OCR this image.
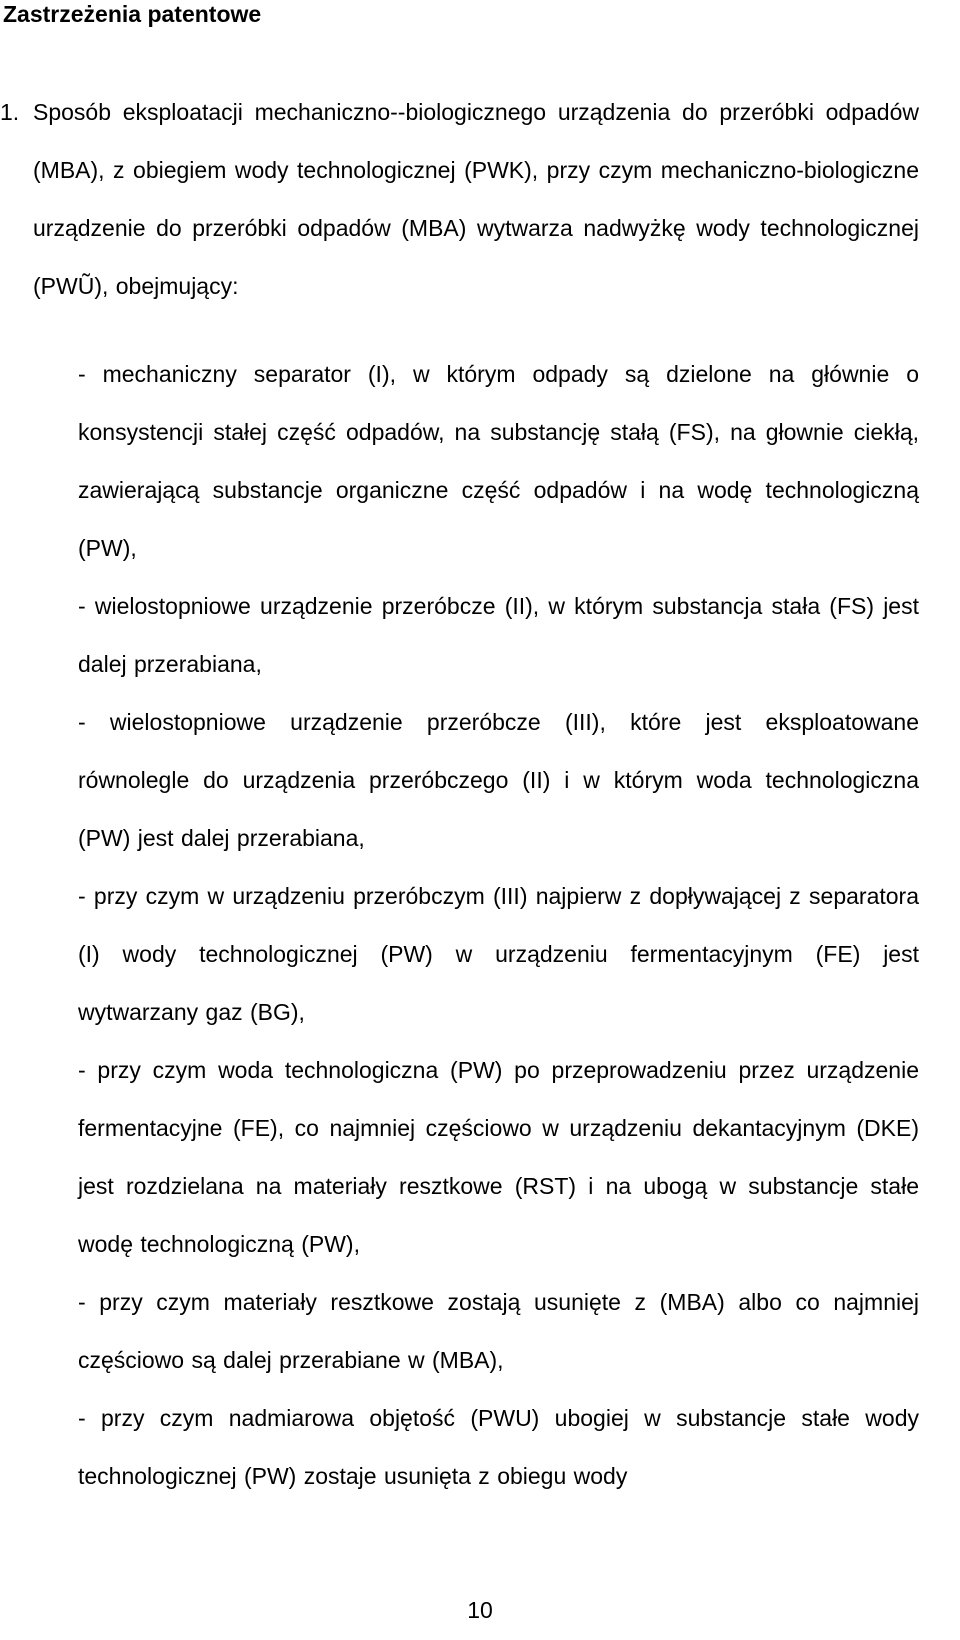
Zastrzeżenia patentowe

1. Sposób eksploatacji mechaniczno--biologicznego urządzenia do przeróbki odpadów (MBA), z obiegiem wody technologicznej (PWK), przy czym mechaniczno-biologiczne urządzenie do przeróbki odpadów (MBA) wytwarza nadwyżkę wody technologicznej (PWŨ), obejmujący:

- mechaniczny separator (I), w którym odpady są dzielone na głównie o konsystencji stałej część odpadów, na substancję stałą (FS), na głownie ciekłą, zawierającą substancje organiczne część odpadów i na wodę technologiczną (PW),

- wielostopniowe urządzenie przeróbcze (II), w którym substancja stała (FS) jest dalej przerabiana,

- wielostopniowe urządzenie przeróbcze (III), które jest eksploatowane równolegle do urządzenia przeróbczego (II) i w którym woda technologiczna (PW) jest dalej przerabiana,

- przy czym w urządzeniu przeróbczym (III) najpierw z dopływającej z separatora (I) wody technologicznej (PW) w urządzeniu fermentacyjnym (FE) jest wytwarzany gaz (BG),

- przy czym woda technologiczna (PW) po przeprowadzeniu przez urządzenie fermentacyjne (FE), co najmniej częściowo w urządzeniu dekantacyjnym (DKE) jest rozdzielana na materiały resztkowe (RST) i na ubogą w substancje stałe wodę technologiczną (PW),

- przy czym materiały resztkowe zostają usunięte z (MBA) albo co najmniej częściowo są dalej przerabiane w (MBA),

- przy czym nadmiarowa objętość (PWU) ubogiej w substancje stałe wody technologicznej (PW) zostaje usunięta z obiegu wody

10
